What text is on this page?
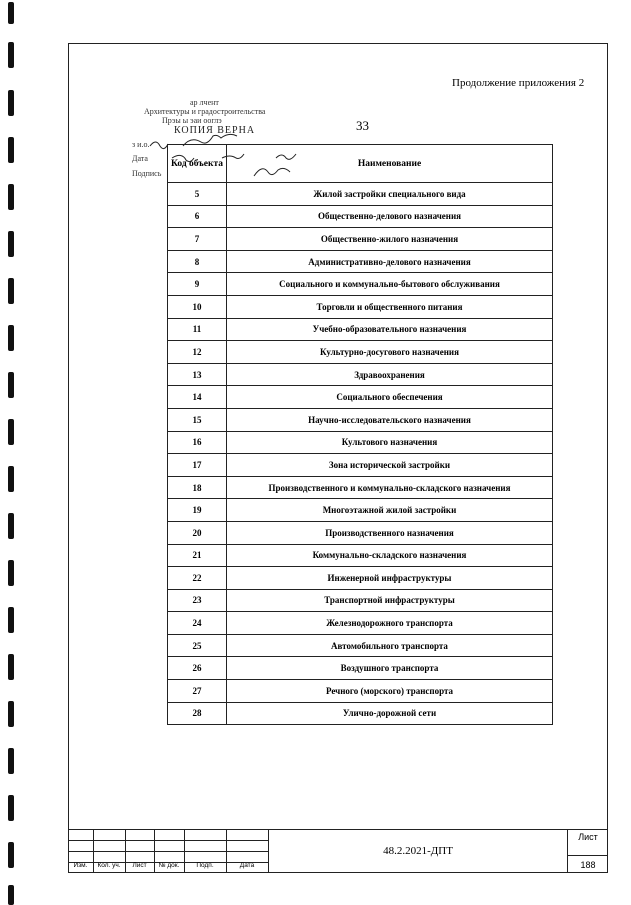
Продолжение приложения 2
33
ар лчент
Архитектуры и градостроительства
Прэы ы эаи ооглэ
КОПИЯ ВЕРНА
з и.о.
Дата
Подпись
Код объекта	Наименование
5	Жилой застройки специального вида
6	Общественно-делового назначения
7	Общественно-жилого назначения
8	Административно-делового назначения
9	Социального и коммунально-бытового обслуживания
10	Торговли и общественного питания
11	Учебно-образовательного назначения
12	Культурно-досугового назначения
13	Здравоохранения
14	Социального обеспечения
15	Научно-исследовательского назначения
16	Культового назначения
17	Зона исторической застройки
18	Производственного и коммунально-складского назначения
19	Многоэтажной жилой застройки
20	Производственного назначения
21	Коммунально-складского назначения
22	Инженерной инфраструктуры
23	Транспортной инфраструктуры
24	Железнодорожного транспорта
25	Автомобильного транспорта
26	Воздушного транспорта
27	Речного (морского) транспорта
28	Улично-дорожной сети
Изм.	Кол. уч.	Лист	№ док.	Подп.	Дата
48.2.2021-ДПТ
Лист
188
